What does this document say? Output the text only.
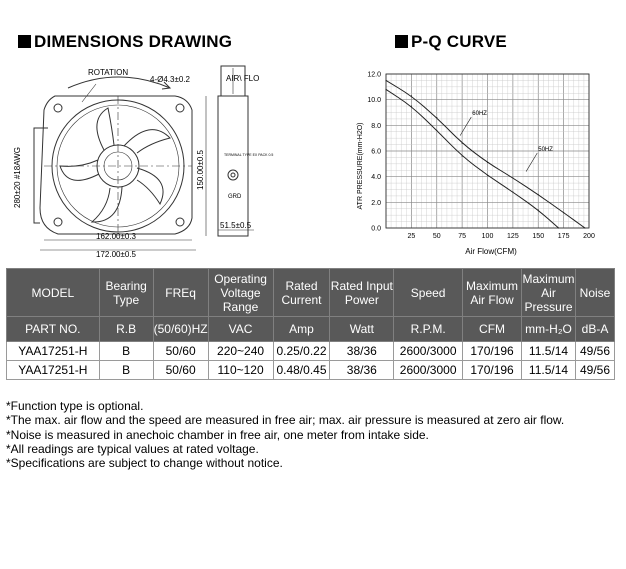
DIMENSIONS DRAWING	P-Q CURVE
ROTATION
4-Ø4.3±0.2	AIR\ FLO
TERMINAL TYPE EX PACK 0.5
GRD
162.00±0.3
172.00±0.5
51.5±0.5
150.00±0.5
280±20 #18AWG
25	50	75 100 125 150 175 200
0.0
2.0
4.0
6.0
8.0
10.0
12.0
60HZ
50HZ
Air Flow(CFM)
ATR PRESSURE(mm-H2O)
MODEL	Bearing Type	FREq	Operating Voltage Range	Rated Current	Rated Input Power	Speed	Maximum Air Flow	Maximum Air Pressure	Noise
PART NO.	R.B	(50/60)HZ	VAC	Amp	Watt	R.P.M.	CFM	mm-H₂O	dB-A
YAA17251-H	B	50/60	220~240	0.25/0.22	38/36	2600/3000	170/196	11.5/14	49/56
YAA17251-H	B	50/60	110~120	0.48/0.45	38/36	2600/3000	170/196	11.5/14	49/56
*Function type is optional.
*The max. air flow and the speed are measured in free air; max. air pressure is measured at zero air flow.
*Noise is measured in anechoic chamber in free air, one meter from intake side.
*All readings are typical values at rated voltage.
*Specifications are subject to change without notice.
